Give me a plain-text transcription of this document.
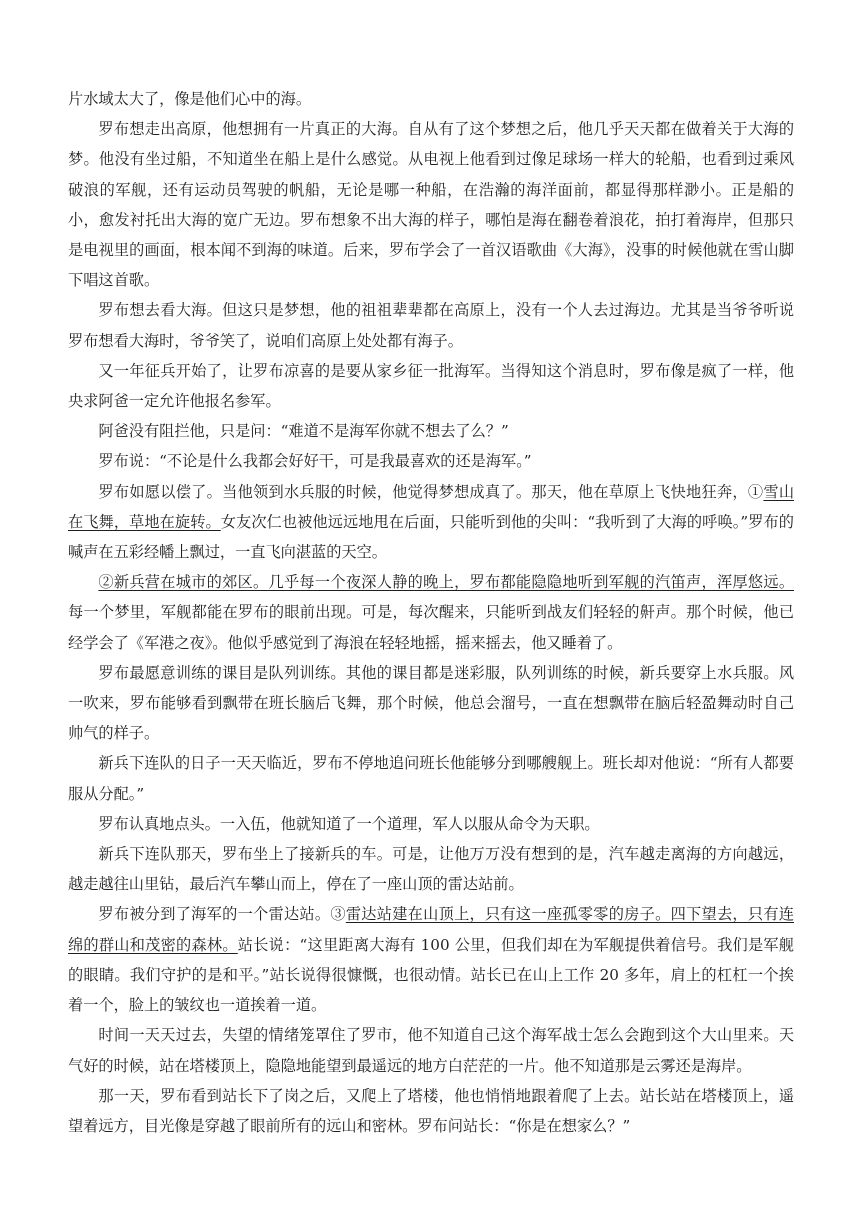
片水域太大了，像是他们心中的海。

罗布想走出高原，他想拥有一片真正的大海。自从有了这个梦想之后，他几乎天天都在做着关于大海的梦。他没有坐过船，不知道坐在船上是什么感觉。从电视上他看到过像足球场一样大的轮船，也看到过乘风破浪的军舰，还有运动员驾驶的帆船，无论是哪一种船，在浩瀚的海洋面前，都显得那样渺小。正是船的小，愈发衬托出大海的宽广无边。罗布想象不出大海的样子，哪怕是海在翻卷着浪花，拍打着海岸，但那只是电视里的画面，根本闻不到海的味道。后来，罗布学会了一首汉语歌曲《大海》，没事的时候他就在雪山脚下唱这首歌。

罗布想去看大海。但这只是梦想，他的祖祖辈辈都在高原上，没有一个人去过海边。尤其是当爷爷听说罗布想看大海时，爷爷笑了，说咱们高原上处处都有海子。

又一年征兵开始了，让罗布凉喜的是要从家乡征一批海军。当得知这个消息时，罗布像是疯了一样，他央求阿爸一定允许他报名参军。

阿爸没有阻拦他，只是问：“难道不是海军你就不想去了么？”

罗布说：“不论是什么我都会好好干，可是我最喜欢的还是海军。”

罗布如愿以偿了。当他领到水兵服的时候，他觉得梦想成真了。那天，他在草原上飞快地狂奔，①雪山在飞舞，草地在旋转。女友次仁也被他远远地甩在后面，只能听到他的尖叫：“我听到了大海的呼唤。”罗布的喊声在五彩经幡上飘过，一直飞向湛蓝的天空。

②新兵营在城市的郊区。几乎每一个夜深人静的晚上，罗布都能隐隐地听到军舰的汽笛声，浑厚悠远。每一个梦里，军舰都能在罗布的眼前出现。可是，每次醒来，只能听到战友们轻轻的鼾声。那个时候，他已经学会了《军港之夜》。他似乎感觉到了海浪在轻轻地摇，摇来摇去，他又睡着了。

罗布最愿意训练的课目是队列训练。其他的课目都是迷彩服，队列训练的时候，新兵要穿上水兵服。风一吹来，罗布能够看到飘带在班长脑后飞舞，那个时候，他总会溜号，一直在想飘带在脑后轻盈舞动时自己帅气的样子。

新兵下连队的日子一天天临近，罗布不停地追问班长他能够分到哪艘舰上。班长却对他说：“所有人都要服从分配。”

罗布认真地点头。一入伍，他就知道了一个道理，军人以服从命令为天职。

新兵下连队那天，罗布坐上了接新兵的车。可是，让他万万没有想到的是，汽车越走离海的方向越远，越走越往山里钻，最后汽车攀山而上，停在了一座山顶的雷达站前。

罗布被分到了海军的一个雷达站。③雷达站建在山顶上，只有这一座孤零零的房子。四下望去，只有连绵的群山和茂密的森林。站长说：“这里距离大海有 100 公里，但我们却在为军舰提供着信号。我们是军舰的眼睛。我们守护的是和平。”站长说得很慷慨，也很动情。站长已在山上工作 20 多年，肩上的杠杠一个挨着一个，脸上的皱纹也一道挨着一道。

时间一天天过去，失望的情绪笼罩住了罗市，他不知道自己这个海军战士怎么会跑到这个大山里来。天气好的时候，站在塔楼顶上，隐隐地能望到最遥远的地方白茫茫的一片。他不知道那是云雾还是海岸。

那一天，罗布看到站长下了岗之后，又爬上了塔楼，他也悄悄地跟着爬了上去。站长站在塔楼顶上，遥望着远方，目光像是穿越了眼前所有的远山和密林。罗布问站长：“你是在想家么？”
